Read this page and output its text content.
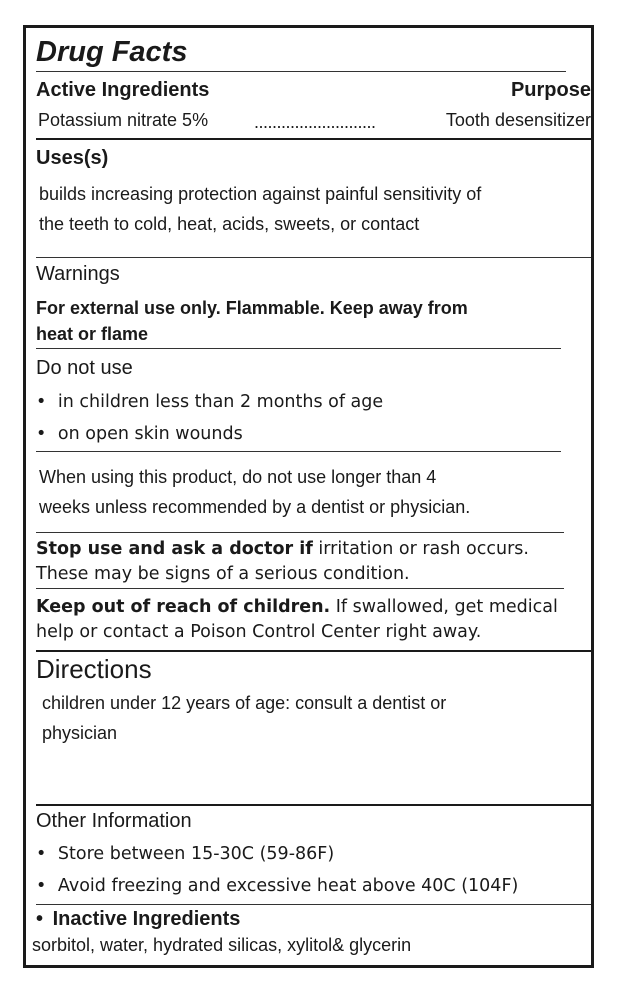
Drug Facts
Active Ingredients	Purpose
Potassium nitrate 5%	...........................	Tooth desensitizer
Uses(s)
builds increasing protection against painful sensitivity of
the teeth to cold, heat, acids, sweets, or contact
Warnings
For external use only. Flammable. Keep away from
heat or flame
Do not use
• in children less than 2 months of age
• on open skin wounds
When using this product, do not use longer than 4
weeks unless recommended by a dentist or physician.
Stop use and ask a doctor if irritation or rash occurs.
These may be signs of a serious condition.
Keep out of reach of children. If swallowed, get medical
help or contact a Poison Control Center right away.
Directions
children under 12 years of age: consult a dentist or
physician
Other Information
• Store between 15-30C (59-86F)
• Avoid freezing and excessive heat above 40C (104F)
• Inactive Ingredients
sorbitol, water, hydrated silicas, xylitol& glycerin
